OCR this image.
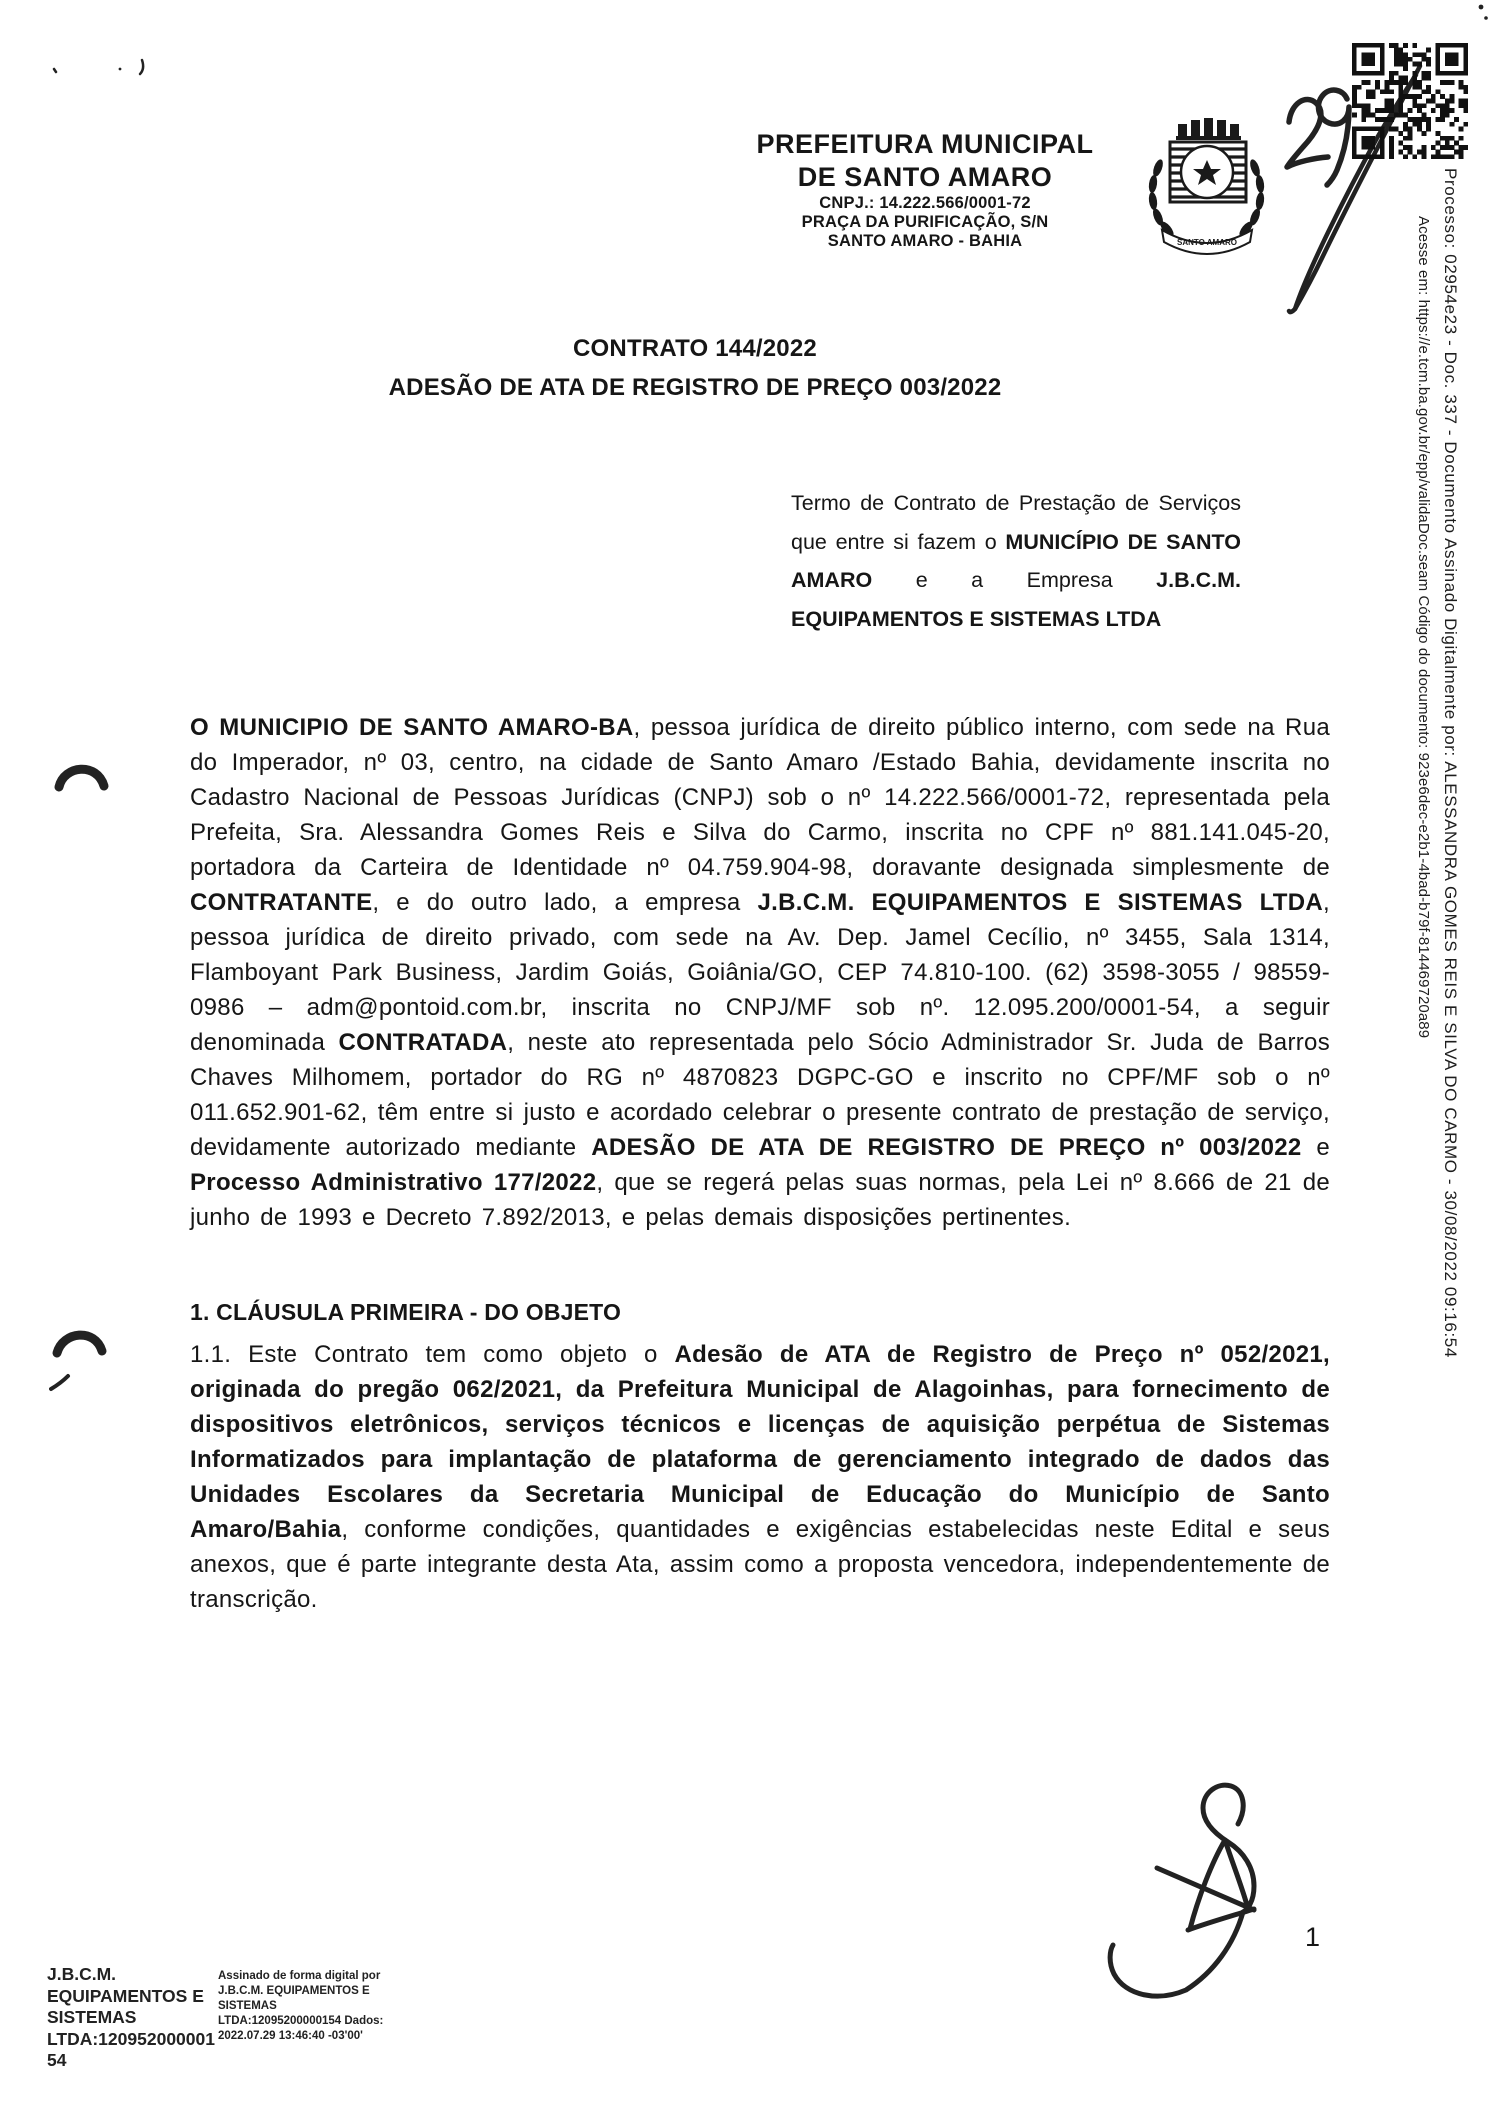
PREFEITURA MUNICIPAL
DE SANTO AMARO
CNPJ.: 14.222.566/0001-72
PRAÇA DA PURIFICAÇÃO, S/N
SANTO AMARO - BAHIA	SANTO AMARO	Processo: 02954e23 - Doc. 337 - Documento Assinado Digitalmente por: ALESSANDRA GOMES REIS E SILVA DO CARMO - 30/08/2022 09:16:54
Acesse em: https://e.tcm.ba.gov.br/epp/validaDoc.seam Código do documento: 923e6dec-e2b1-4bad-b79f-814469720a89
CONTRATO 144/2022
ADESÃO DE ATA DE REGISTRO DE PREÇO 003/2022
Termo de Contrato de Prestação de Serviços que entre si fazem o MUNICÍPIO DE SANTO AMARO e a Empresa J.B.C.M. EQUIPAMENTOS E SISTEMAS LTDA
O MUNICIPIO DE SANTO AMARO-BA, pessoa jurídica de direito público interno, com sede na Rua do Imperador, nº 03, centro, na cidade de Santo Amaro /Estado Bahia, devidamente inscrita no Cadastro Nacional de Pessoas Jurídicas (CNPJ) sob o nº 14.222.566/0001-72, representada pela Prefeita, Sra. Alessandra Gomes Reis e Silva do Carmo, inscrita no CPF nº 881.141.045-20, portadora da Carteira de Identidade nº 04.759.904-98, doravante designada simplesmente de CONTRATANTE, e do outro lado, a empresa J.B.C.M. EQUIPAMENTOS E SISTEMAS LTDA, pessoa jurídica de direito privado, com sede na Av. Dep. Jamel Cecílio, nº 3455, Sala 1314, Flamboyant Park Business, Jardim Goiás, Goiânia/GO, CEP 74.810-100. (62) 3598-3055 / 98559-0986 – adm@pontoid.com.br, inscrita no CNPJ/MF sob nº. 12.095.200/0001-54, a seguir denominada CONTRATADA, neste ato representada pelo Sócio Administrador Sr. Juda de Barros Chaves Milhomem, portador do RG nº 4870823 DGPC-GO e inscrito no CPF/MF sob o nº 011.652.901-62, têm entre si justo e acordado celebrar o presente contrato de prestação de serviço, devidamente autorizado mediante ADESÃO DE ATA DE REGISTRO DE PREÇO nº 003/2022 e Processo Administrativo 177/2022, que se regerá pelas suas normas, pela Lei nº 8.666 de 21 de junho de 1993 e Decreto 7.892/2013, e pelas demais disposições pertinentes.
1. CLÁUSULA PRIMEIRA - DO OBJETO
1.1. Este Contrato tem como objeto o Adesão de ATA de Registro de Preço nº 052/2021, originada do pregão 062/2021, da Prefeitura Municipal de Alagoinhas, para fornecimento de dispositivos eletrônicos, serviços técnicos e licenças de aquisição perpétua de Sistemas Informatizados para implantação de plataforma de gerenciamento integrado de dados das Unidades Escolares da Secretaria Municipal de Educação do Município de Santo Amaro/Bahia, conforme condições, quantidades e exigências estabelecidas neste Edital e seus anexos, que é parte integrante desta Ata, assim como a proposta vencedora, independentemente de transcrição.
J.B.C.M. EQUIPAMENTOS E SISTEMAS LTDA:12095200000154
Assinado de forma digital por J.B.C.M. EQUIPAMENTOS E SISTEMAS LTDA:12095200000154 Dados: 2022.07.29 13:46:40 -03'00'
1
